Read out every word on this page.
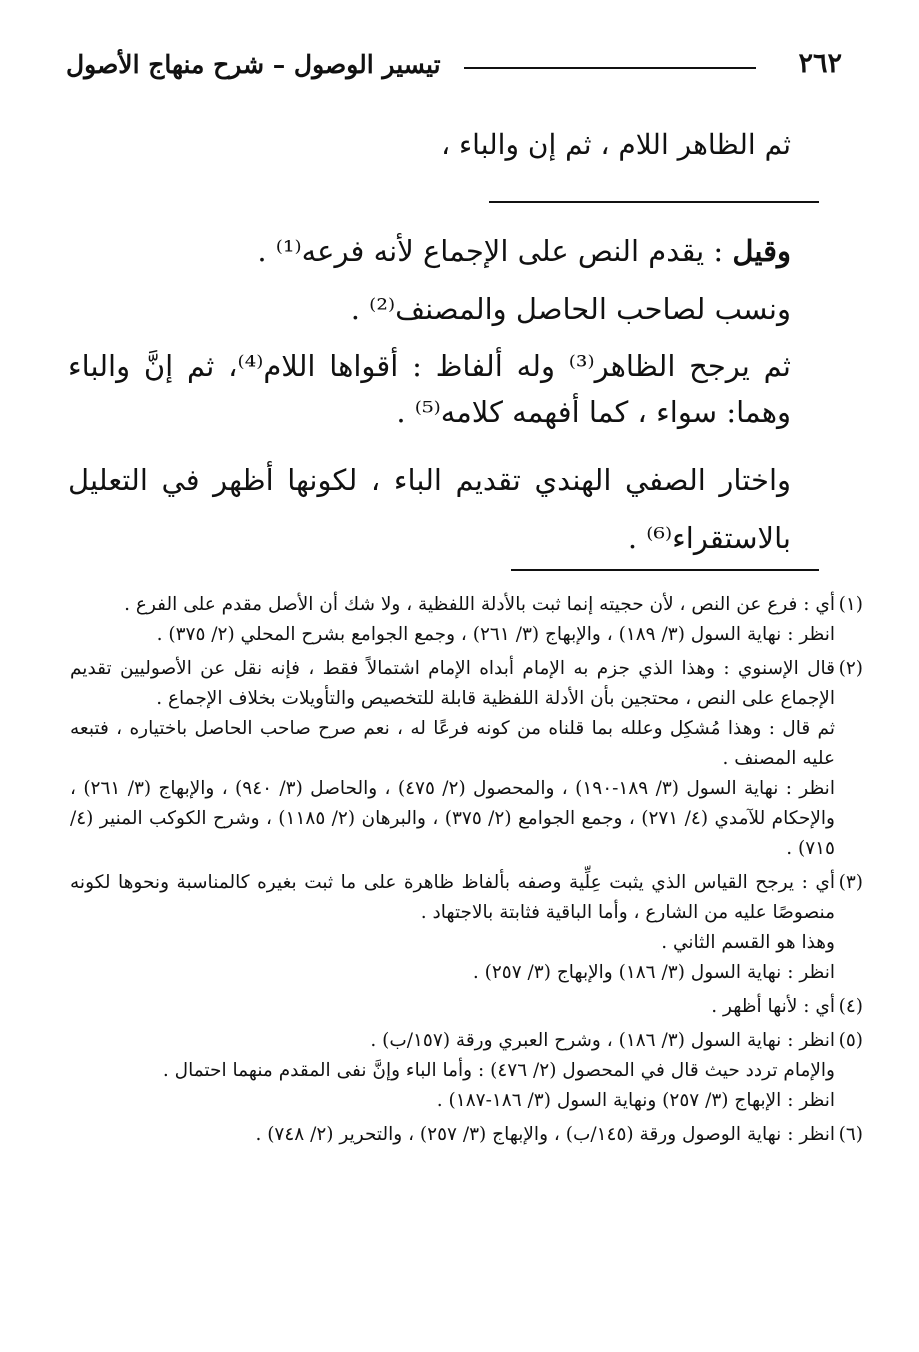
٢٦٢
تيسير الوصول – شرح منهاج الأصول
ثم الظاهر اللام ، ثم إن والباء ،
وقيل : يقدم النص على الإجماع لأنه فرعه⁽¹⁾ .
ونسب لصاحب الحاصل والمصنف⁽²⁾ .
ثم يرجح الظاهر⁽³⁾ وله ألفاظ : أقواها اللام⁽⁴⁾، ثم إنَّ والباء وهما: سواء ، كما أفهمه كلامه⁽⁵⁾ .
واختار الصفي الهندي تقديم الباء ، لكونها أظهر في التعليل بالاستقراء⁽⁶⁾ .
(١)
أي : فرع عن النص ، لأن حجيته إنما ثبت بالأدلة اللفظية ، ولا شك أن الأصل مقدم على الفرع .
انظر : نهاية السول (٣/ ١٨٩) ، والإبهاج (٣/ ٢٦١) ، وجمع الجوامع بشرح المحلي (٢/ ٣٧٥) .
(٢)
قال الإسنوي : وهذا الذي جزم به الإمام أبداه الإمام اشتمالاً فقط ، فإنه نقل عن الأصوليين تقديم الإجماع على النص ، محتجين بأن الأدلة اللفظية قابلة للتخصيص والتأويلات بخلاف الإجماع .
ثم قال : وهذا مُشكِل وعلله بما قلناه من كونه فرعًا له ، نعم صرح صاحب الحاصل باختياره ، فتبعه عليه المصنف .
انظر : نهاية السول (٣/ ١٨٩-١٩٠) ، والمحصول (٢/ ٤٧٥) ، والحاصل (٣/ ٩٤٠) ، والإبهاج (٣/ ٢٦١) ، والإحكام للآمدي (٤/ ٢٧١) ، وجمع الجوامع (٢/ ٣٧٥) ، والبرهان (٢/ ١١٨٥) ، وشرح الكوكب المنير (٤/ ٧١٥) .
(٣)
أي : يرجح القياس الذي يثبت عِلِّية وصفه بألفاظ ظاهرة على ما ثبت بغيره كالمناسبة ونحوها لكونه منصوصًا عليه من الشارع ، وأما الباقية فثابتة بالاجتهاد .
وهذا هو القسم الثاني .
انظر : نهاية السول (٣/ ١٨٦) والإبهاج (٣/ ٢٥٧) .
(٤)
أي : لأنها أظهر .
(٥)
انظر : نهاية السول (٣/ ١٨٦) ، وشرح العبري ورقة (١٥٧/ب) .
والإمام تردد حيث قال في المحصول (٢/ ٤٧٦) : وأما الباء وإنَّ نفى المقدم منهما احتمال .
انظر : الإبهاج (٣/ ٢٥٧) ونهاية السول (٣/ ١٨٦-١٨٧) .
(٦)
انظر : نهاية الوصول ورقة (١٤٥/ب) ، والإبهاج (٣/ ٢٥٧) ، والتحرير (٢/ ٧٤٨) .
